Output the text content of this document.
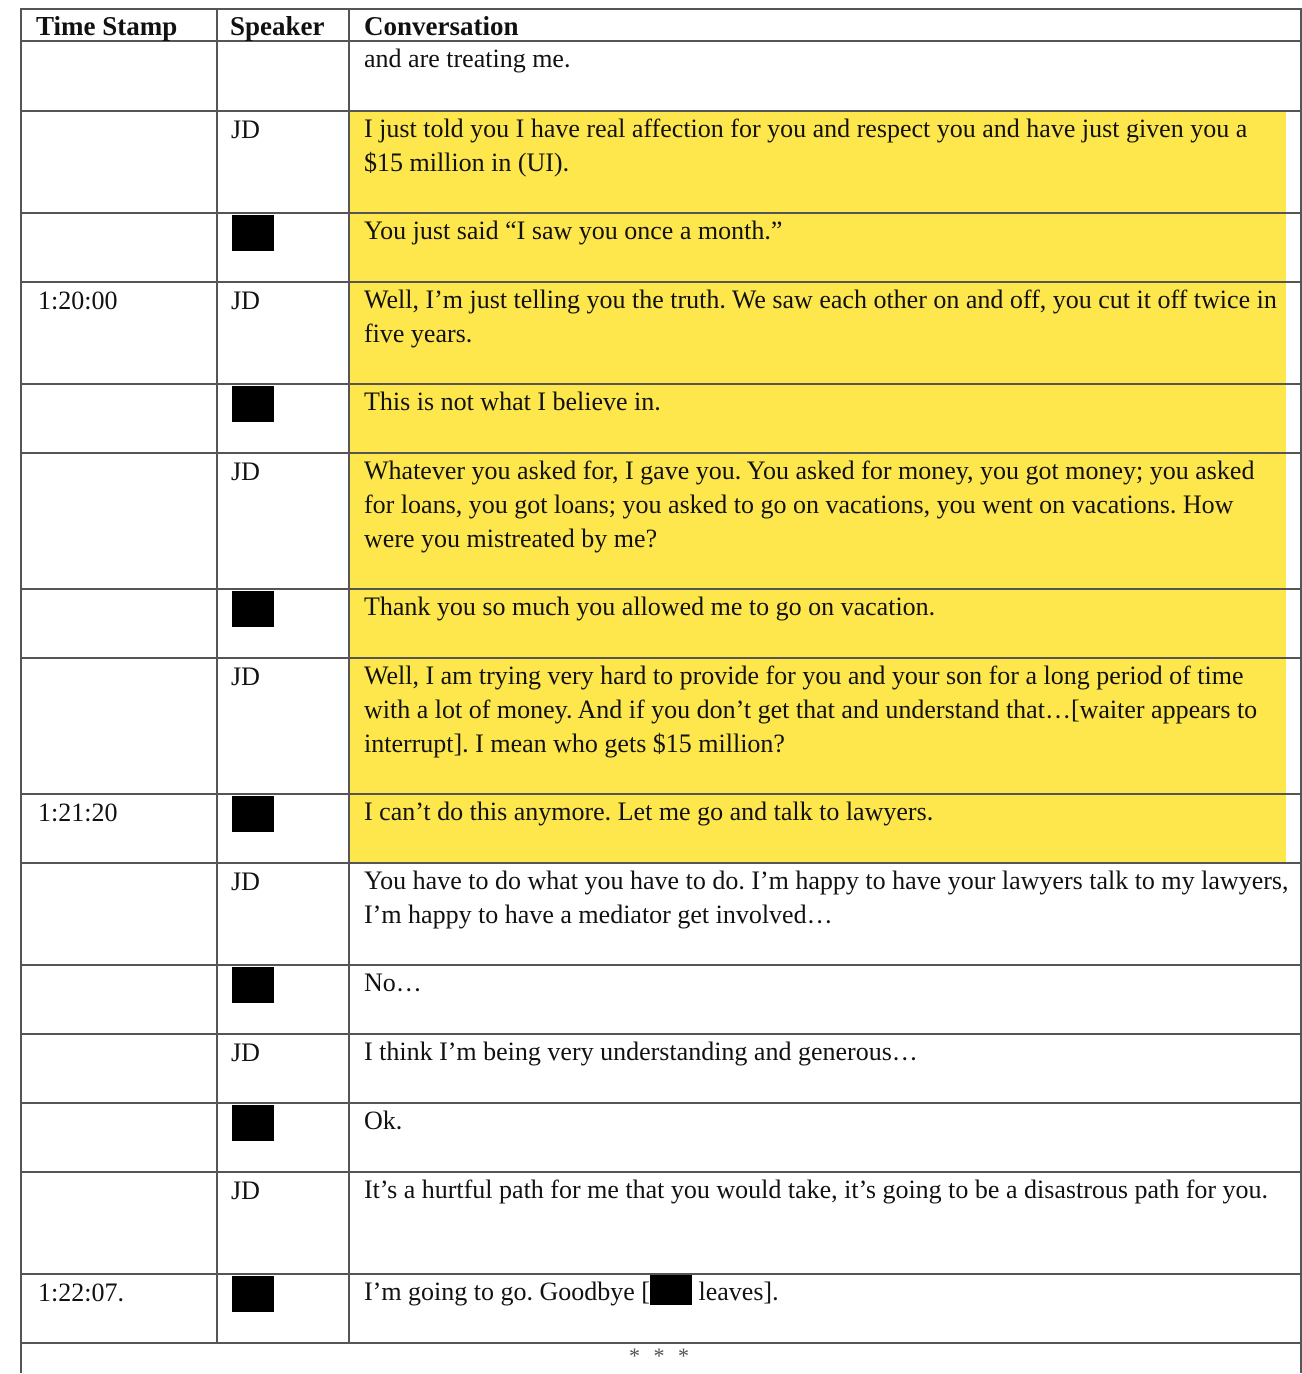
Time Stamp	Speaker	Conversation

		and are treating me.

	JD	I just told you I have real affection for you and respect you and have just given you a $15 million in (UI).

		You just said “I saw you once a month.”

1:20:00	JD	Well, I’m just telling you the truth. We saw each other on and off, you cut it off twice in five years.

		This is not what I believe in.

	JD	Whatever you asked for, I gave you. You asked for money, you got money; you asked for loans, you got loans; you asked to go on vacations, you went on vacations. How were you mistreated by me?

		Thank you so much you allowed me to go on vacation.

	JD	Well, I am trying very hard to provide for you and your son for a long period of time with a lot of money. And if you don’t get that and understand that…[waiter appears to interrupt]. I mean who gets $15 million?

1:21:20		I can’t do this anymore. Let me go and talk to lawyers.

	JD	You have to do what you have to do. I’m happy to have your lawyers talk to my lawyers, I’m happy to have a mediator get involved…

		No…

	JD	I think I’m being very understanding and generous…

		Ok.

	JD	It’s a hurtful path for me that you would take, it’s going to be a disastrous path for you.

1:22:07.		I’m going to go. Goodbye [ leaves].

* * *		
